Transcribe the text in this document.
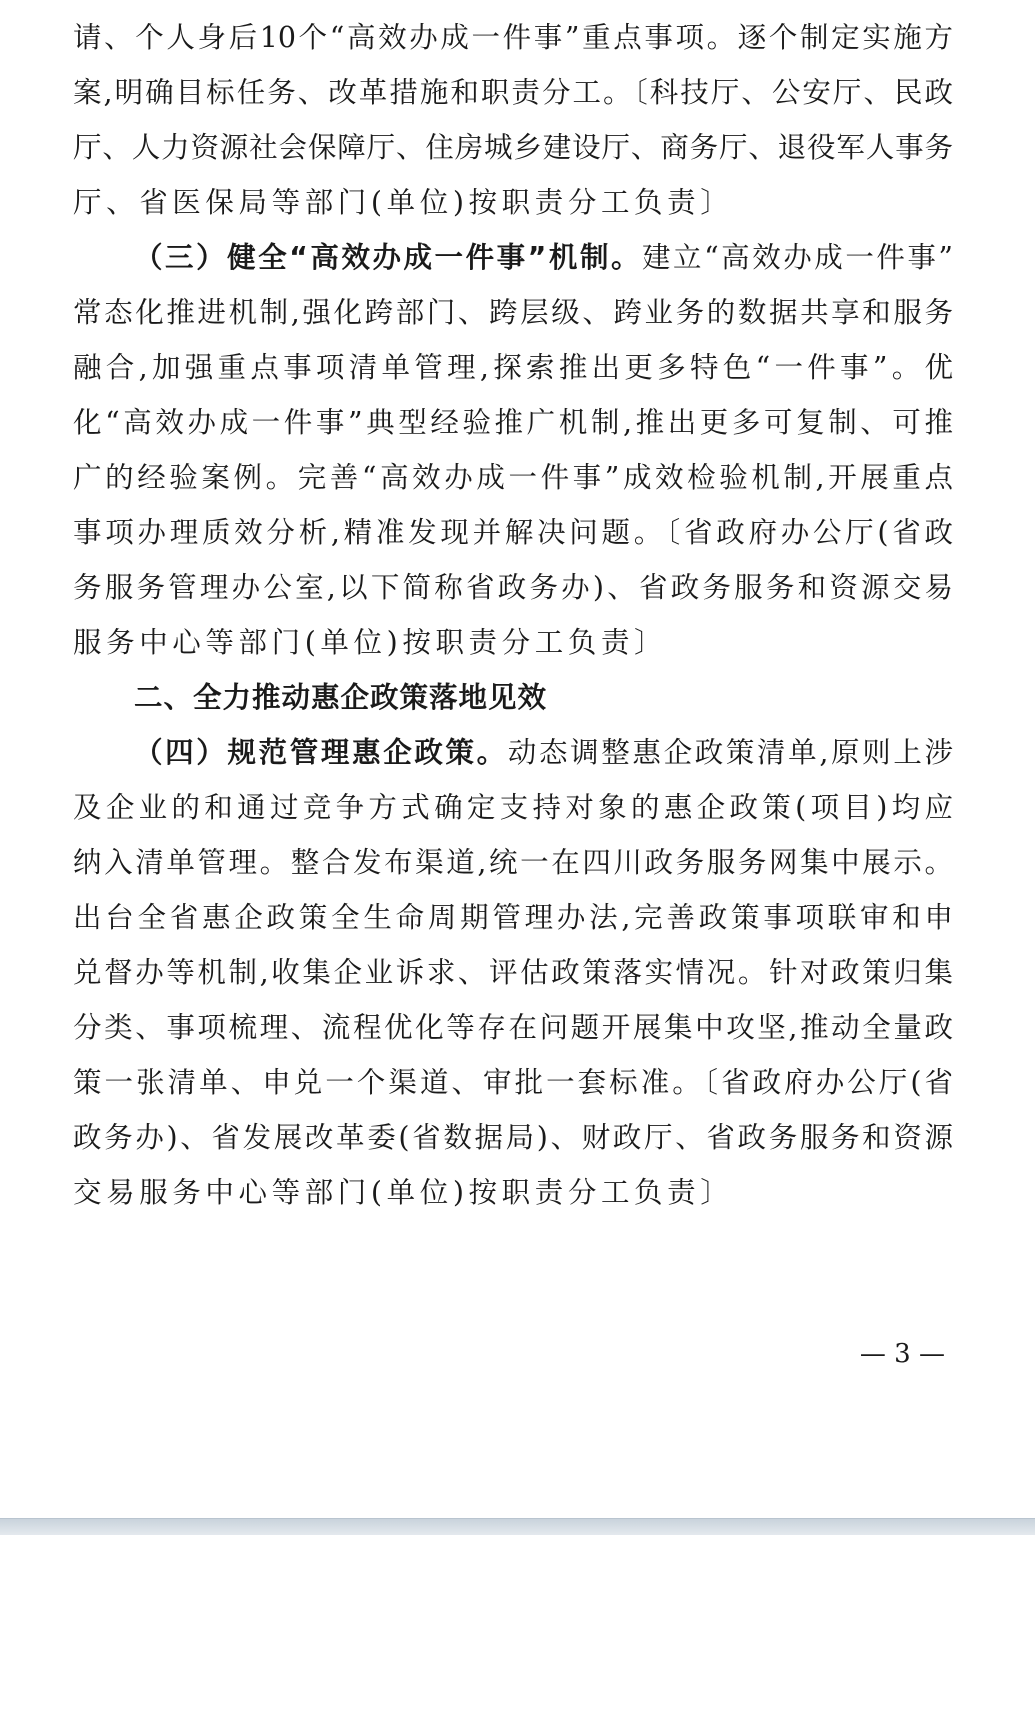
请、个人身后10个“高效办成一件事”重点事项。逐个制定实施方
案,明确目标任务、改革措施和职责分工。〔科技厅、公安厅、民政
厅、人力资源社会保障厅、住房城乡建设厅、商务厅、退役军人事务
厅、省医保局等部门(单位)按职责分工负责〕
（三）健全“高效办成一件事”机制。建立“高效办成一件事”
常态化推进机制,强化跨部门、跨层级、跨业务的数据共享和服务
融合,加强重点事项清单管理,探索推出更多特色“一件事”。优
化“高效办成一件事”典型经验推广机制,推出更多可复制、可推
广的经验案例。完善“高效办成一件事”成效检验机制,开展重点
事项办理质效分析,精准发现并解决问题。〔省政府办公厅(省政
务服务管理办公室,以下简称省政务办)、省政务服务和资源交易
服务中心等部门(单位)按职责分工负责〕
二、全力推动惠企政策落地见效
（四）规范管理惠企政策。动态调整惠企政策清单,原则上涉
及企业的和通过竞争方式确定支持对象的惠企政策(项目)均应
纳入清单管理。整合发布渠道,统一在四川政务服务网集中展示。
出台全省惠企政策全生命周期管理办法,完善政策事项联审和申
兑督办等机制,收集企业诉求、评估政策落实情况。针对政策归集
分类、事项梳理、流程优化等存在问题开展集中攻坚,推动全量政
策一张清单、申兑一个渠道、审批一套标准。〔省政府办公厅(省
政务办)、省发展改革委(省数据局)、财政厅、省政务服务和资源
交易服务中心等部门(单位)按职责分工负责〕
— 3 —
